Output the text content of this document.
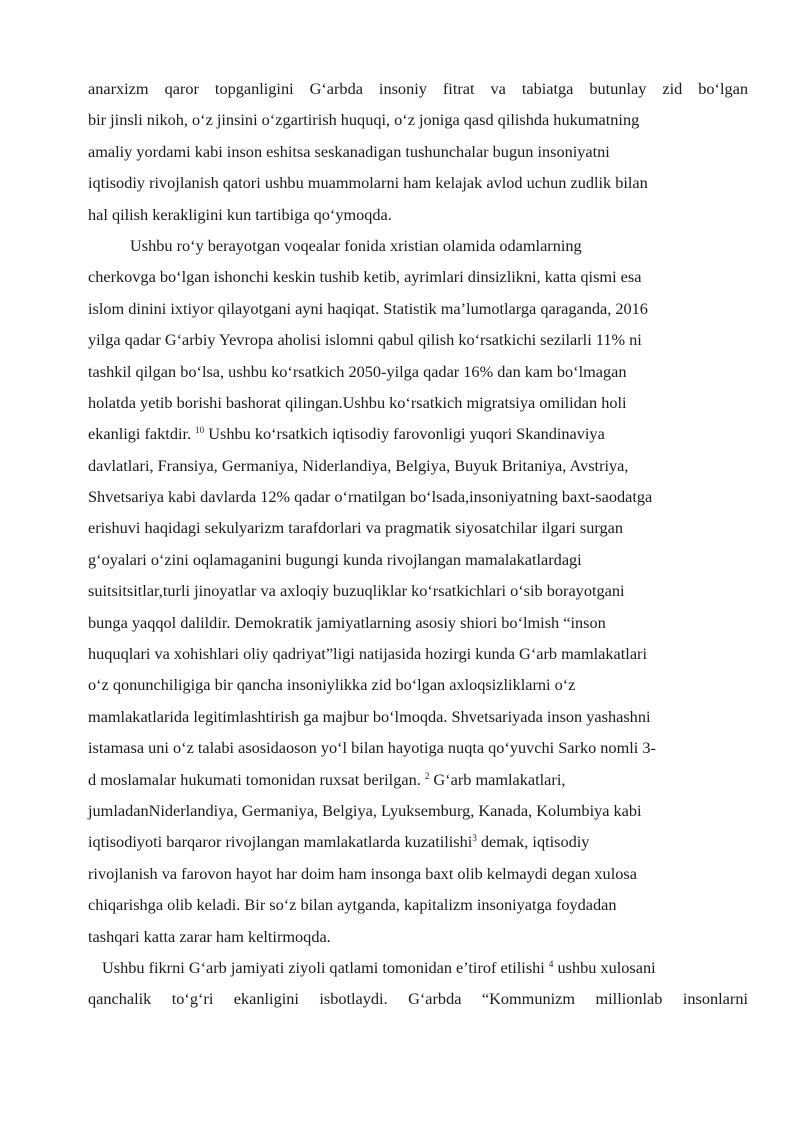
anarxizm qaror topganligini G‘arbda insoniy fitrat va tabiatga butunlay zid bo‘lgan
bir jinsli nikoh, o‘z jinsini o‘zgartirish huquqi, o‘z joniga qasd qilishda hukumatning
amaliy yordami kabi inson eshitsa seskanadigan tushunchalar bugun insoniyatni
iqtisodiy rivojlanish qatori ushbu muammolarni ham kelajak avlod uchun zudlik bilan
hal qilish kerakligini kun tartibiga qo‘ymoqda.
Ushbu ro‘y berayotgan voqealar fonida xristian olamida odamlarning
cherkovga bo‘lgan ishonchi keskin tushib ketib, ayrimlari dinsizlikni, katta qismi esa
islom dinini ixtiyor qilayotgani ayni haqiqat. Statistik ma’lumotlarga qaraganda, 2016
yilga qadar G‘arbiy Yevropa aholisi islomni qabul qilish ko‘rsatkichi sezilarli 11% ni
tashkil qilgan bo‘lsa, ushbu ko‘rsatkich 2050-yilga qadar 16% dan kam bo‘lmagan
holatda yetib borishi bashorat qilingan.Ushbu ko‘rsatkich migratsiya omilidan holi
ekanligi faktdir. $^{10}$ Ushbu ko‘rsatkich iqtisodiy farovonligi yuqori Skandinaviya
davlatlari, Fransiya, Germaniya, Niderlandiya, Belgiya, Buyuk Britaniya, Avstriya,
Shvetsariya kabi davlarda 12% qadar o‘rnatilgan bo‘lsada,insoniyatning baxt-saodatga
erishuvi haqidagi sekulyarizm tarafdorlari va pragmatik siyosatchilar ilgari surgan
g‘oyalari o‘zini oqlamaganini bugungi kunda rivojlangan mamalakatlardagi
suitsitsitlar,turli jinoyatlar va axloqiy buzuqliklar ko‘rsatkichlari o‘sib borayotgani
bunga yaqqol dalildir. Demokratik jamiyatlarning asosiy shiori bo‘lmish “inson
huquqlari va xohishlari oliy qadriyat”ligi natijasida hozirgi kunda G‘arb mamlakatlari
o‘z qonunchiligiga bir qancha insoniylikka zid bo‘lgan axloqsizliklarni o‘z
mamlakatlarida legitimlashtirish ga majbur bo‘lmoqda. Shvetsariyada inson yashashni
istamasa uni o‘z talabi asosidaoson yo‘l bilan hayotiga nuqta qo‘yuvchi Sarko nomli 3-
d moslamalar hukumati tomonidan ruxsat berilgan. $^2$ G‘arb mamlakatlari,
jumladanNiderlandiya, Germaniya, Belgiya, Lyuksemburg, Kanada, Kolumbiya kabi
iqtisodiyoti barqaror rivojlangan mamlakatlarda kuzatilishi$^3$ demak, iqtisodiy
rivojlanish va farovon hayot har doim ham insonga baxt olib kelmaydi degan xulosa
chiqarishga olib keladi. Bir so‘z bilan aytganda, kapitalizm insoniyatga foydadan
tashqari katta zarar ham keltirmoqda.
Ushbu fikrni G‘arb jamiyati ziyoli qatlami tomonidan e’tirof etilishi $^4$ ushbu xulosani
qanchalik to‘g‘ri ekanligini isbotlaydi. G‘arbda “Kommunizm millionlab insonlarni
